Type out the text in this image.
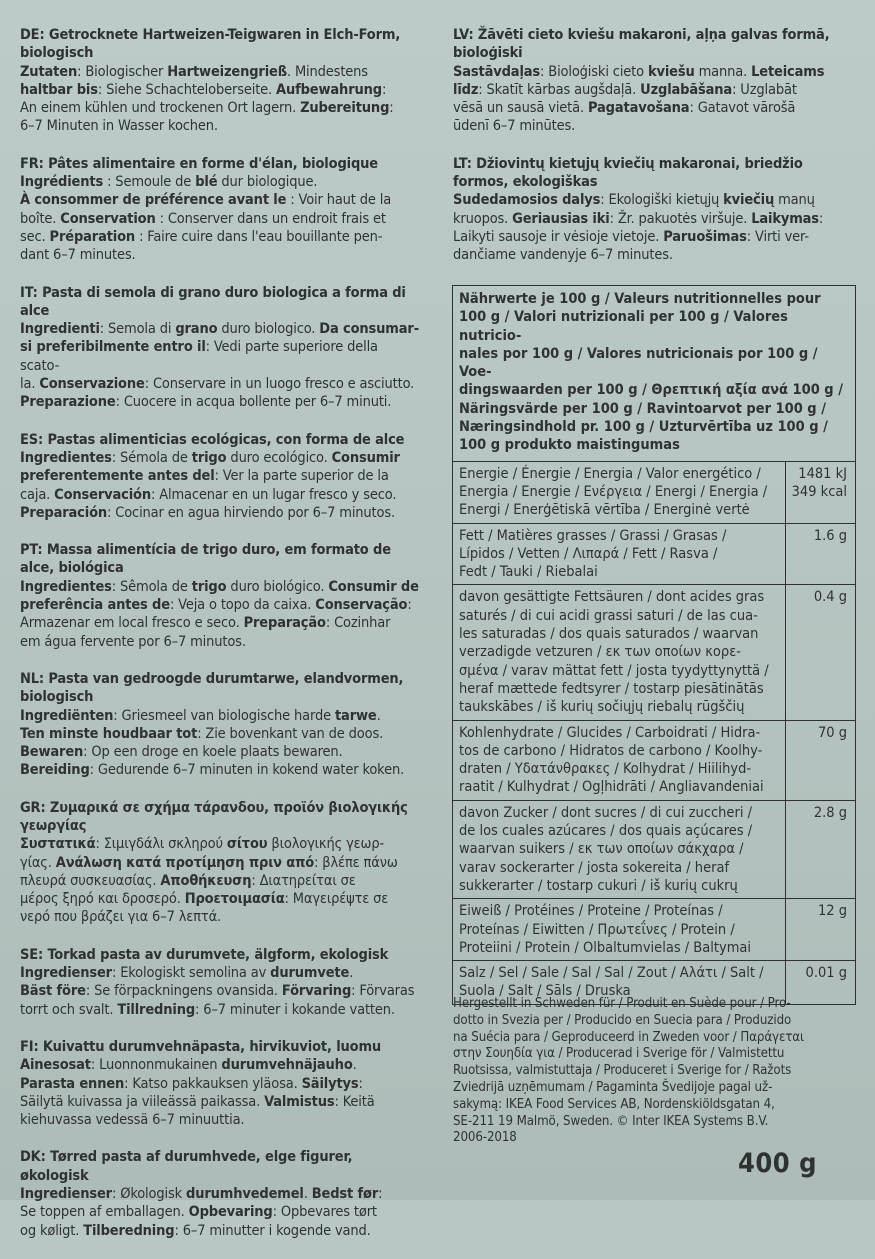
DE: Getrocknete Hartweizen-Teigwaren in Elch-Form,
biologisch

Zutaten: Biologischer Hartweizengrieß. Mindestens
haltbar bis: Siehe Schachteloberseite. Aufbewahrung:
An einem kühlen und trockenen Ort lagern. Zubereitung:
6–7 Minuten in Wasser kochen.

FR: Pâtes alimentaire en forme d'élan, biologique

Ingrédients : Semoule de blé dur biologique.
À consommer de préférence avant le : Voir haut de la
boîte. Conservation : Conserver dans un endroit frais et
sec. Préparation : Faire cuire dans l'eau bouillante pen-
dant 6–7 minutes.

IT: Pasta di semola di grano duro biologica a forma di alce

Ingredienti: Semola di grano duro biologico. Da consumar-
si preferibilmente entro il: Vedi parte superiore della scato-
la. Conservazione: Conservare in un luogo fresco e asciutto.
Preparazione: Cuocere in acqua bollente per 6–7 minuti.

ES: Pastas alimenticias ecológicas, con forma de alce

Ingredientes: Sémola de trigo duro ecológico. Consumir
preferentemente antes del: Ver la parte superior de la
caja. Conservación: Almacenar en un lugar fresco y seco.
Preparación: Cocinar en agua hirviendo por 6–7 minutos.

PT: Massa alimentícia de trigo duro, em formato de
alce, biológica

Ingredientes: Sêmola de trigo duro biológico. Consumir de
preferência antes de: Veja o topo da caixa. Conservação:
Armazenar em local fresco e seco. Preparação: Cozinhar
em água fervente por 6–7 minutos.

NL: Pasta van gedroogde durumtarwe, elandvormen,
biologisch

Ingrediënten: Griesmeel van biologische harde tarwe.
Ten minste houdbaar tot: Zie bovenkant van de doos.
Bewaren: Op een droge en koele plaats bewaren.
Bereiding: Gedurende 6–7 minuten in kokend water koken.

GR: Ζυμαρικά σε σχήμα τάρανδου, προϊόν βιολογικής
γεωργίας

Συστατικά: Σιμιγδάλι σκληρού σίτου βιολογικής γεωρ-
γίας. Ανάλωση κατά προτίμηση πριν από: βλέπε πάνω
πλευρά συσκευασίας. Αποθήκευση: Διατηρείται σε
μέρος ξηρό και δροσερό. Προετοιμασία: Μαγειρέψτε σε
νερό που βράζει για 6–7 λεπτά.

SE: Torkad pasta av durumvete, älgform, ekologisk

Ingredienser: Ekologiskt semolina av durumvete.
Bäst före: Se förpackningens ovansida. Förvaring: Förvaras
torrt och svalt. Tillredning: 6–7 minuter i kokande vatten.

FI: Kuivattu durumvehnäpasta, hirvikuviot, luomu

Ainesosat: Luonnonmukainen durumvehnäjauho.
Parasta ennen: Katso pakkauksen yläosa. Säilytys:
Säilytä kuivassa ja viileässä paikassa. Valmistus: Keitä
kiehuvassa vedessä 6–7 minuuttia.

DK: Tørred pasta af durumhvede, elge figurer,
økologisk

Ingredienser: Økologisk durumhvedemel. Bedst før:
Se toppen af emballagen. Opbevaring: Opbevares tørt
og køligt. Tilberedning: 6–7 minutter i kogende vand.

LV: Žāvēti cieto kviešu makaroni, aļņa galvas formā,
bioloģiski

Sastāvdaļas: Bioloģiski cieto kviešu manna. Leteicams
līdz: Skatīt kārbas augšdaļā. Uzglabāšana: Uzglabāt
vēsā un sausā vietā. Pagatavošana: Gatavot vārošā
ūdenī 6–7 minūtes.

LT: Džiovintų kietųjų kviečių makaronai, briedžio
formos, ekologiškas

Sudedamosios dalys: Ekologiški kietųjų kviečių manų
kruopos. Geriausias iki: Žr. pakuotės viršuje. Laikymas:
Laikyti sausoje ir vėsioje vietoje. Paruošimas: Virti ver-
dančiame vandenyje 6–7 minutes.

Nährwerte je 100 g / Valeurs nutritionnelles pour
100 g / Valori nutrizionali per 100 g / Valores nutricio-
nales por 100 g / Valores nutricionais por 100 g / Voe-
dingswaarden per 100 g / Θρεπτική αξία ανά 100 g /
Näringsvärde per 100 g / Ravintoarvot per 100 g /
Næringsindhold pr. 100 g / Uzturvērtība uz 100 g /
100 g produkto maistingumas
Energie / Énergie / Energia / Valor energético /
Energia / Energie / Ενέργεια / Energi / Energia /
Energi / Enerģētiskā vērtība / Energinė vertė
1481 kJ
349 kcal
Fett / Matières grasses / Grassi / Grasas /
Lípidos / Vetten / Λιπαρά / Fett / Rasva /
Fedt / Tauki / Riebalai
1.6 g
davon gesättigte Fettsäuren / dont acides gras
saturés / di cui acidi grassi saturi / de las cua-
les saturadas / dos quais saturados / waarvan
verzadigde vetzuren / εκ των οποίων κορε-
σμένα / varav mättat fett / josta tyydyttynyttä /
heraf mættede fedtsyrer / tostarp piesātinātās
taukskābes / iš kurių sočiųjų riebalų rūgščių
0.4 g
Kohlenhydrate / Glucides / Carboidrati / Hidra-
tos de carbono / Hidratos de carbono / Koolhy-
draten / Υδατάνθρακες / Kolhydrat / Hiilihyd-
raatit / Kulhydrat / Ogļhidrāti / Angliavandeniai
70 g
davon Zucker / dont sucres / di cui zuccheri /
de los cuales azúcares / dos quais açúcares /
waarvan suikers / εκ των οποίων σάκχαρα /
varav sockerarter / josta sokereita / heraf
sukkerarter / tostarp cukuri / iš kurių cukrų
2.8 g
Eiweiß / Protéines / Proteine / Proteínas /
Proteínas / Eiwitten / Πρωτεΐνες / Protein /
Proteiini / Protein / Olbaltumvielas / Baltymai
12 g
Salz / Sel / Sale / Sal / Sal / Zout / Αλάτι / Salt /
Suola / Salt / Sāls / Druska
0.01 g
Hergestellt in Schweden für / Produit en Suède pour / Pro-
dotto in Svezia per / Producido en Suecia para / Produzido
na Suécia para / Geproduceerd in Zweden voor / Παράγεται
στην Σουηδία για / Producerad i Sverige för / Valmistettu
Ruotsissa, valmistuttaja / Produceret i Sverige for / Ražots
Zviedrijā uzņēmumam / Pagaminta Švedijoje pagal už-
sakymą: IKEA Food Services AB, Nordenskiöldsgatan 4,
SE-211 19 Malmö, Sweden. © Inter IKEA Systems B.V.
2006-2018
400 g
